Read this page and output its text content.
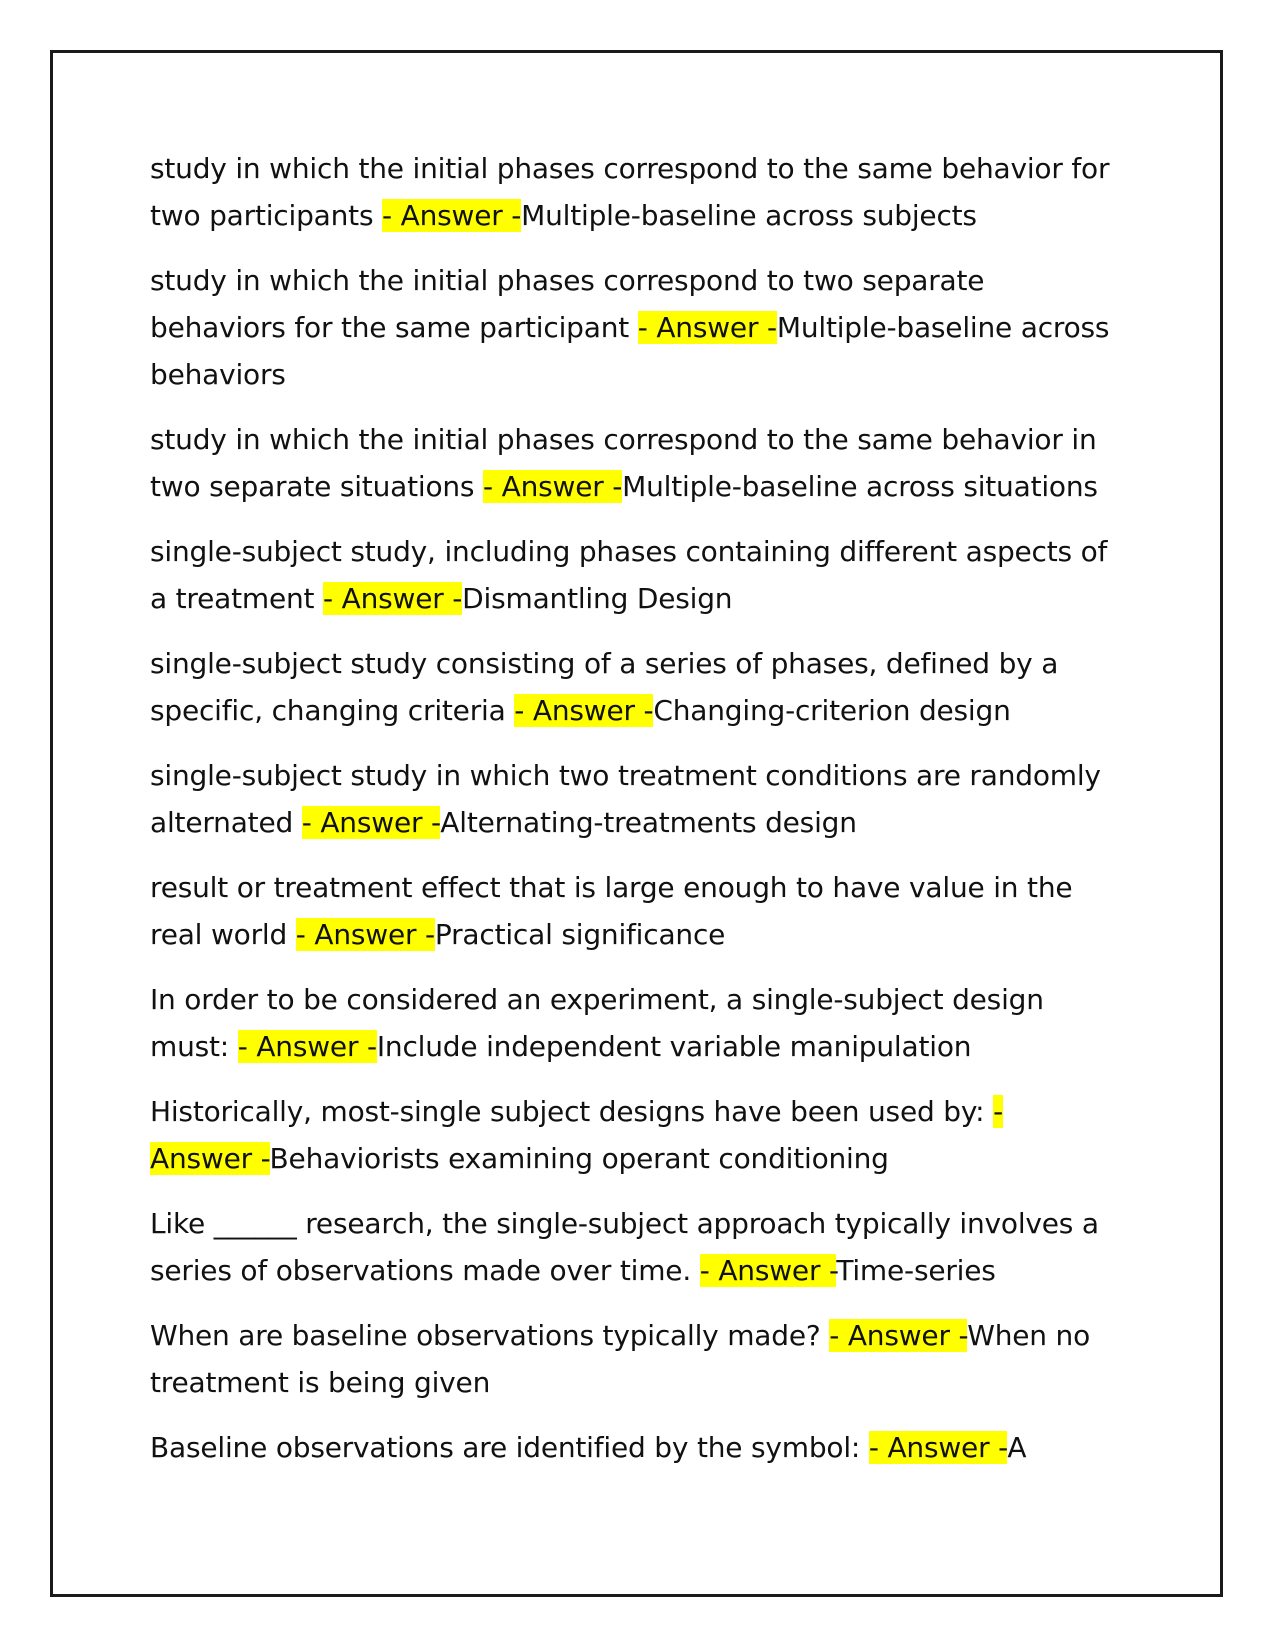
study in which the initial phases correspond to the same behavior for two participants - Answer -Multiple-baseline across subjects

study in which the initial phases correspond to two separate behaviors for the same participant - Answer -Multiple-baseline across behaviors

study in which the initial phases correspond to the same behavior in two separate situations - Answer -Multiple-baseline across situations

single-subject study, including phases containing different aspects of a treatment - Answer -Dismantling Design

single-subject study consisting of a series of phases, defined by a specific, changing criteria - Answer -Changing-criterion design

single-subject study in which two treatment conditions are randomly alternated - Answer -Alternating-treatments design

result or treatment effect that is large enough to have value in the real world - Answer -Practical significance

In order to be considered an experiment, a single-subject design must: - Answer -Include independent variable manipulation

Historically, most-single subject designs have been used by: - Answer -Behaviorists examining operant conditioning

Like ______ research, the single-subject approach typically involves a series of observations made over time. - Answer -Time-series

When are baseline observations typically made? - Answer -When no treatment is being given

Baseline observations are identified by the symbol: - Answer -A
